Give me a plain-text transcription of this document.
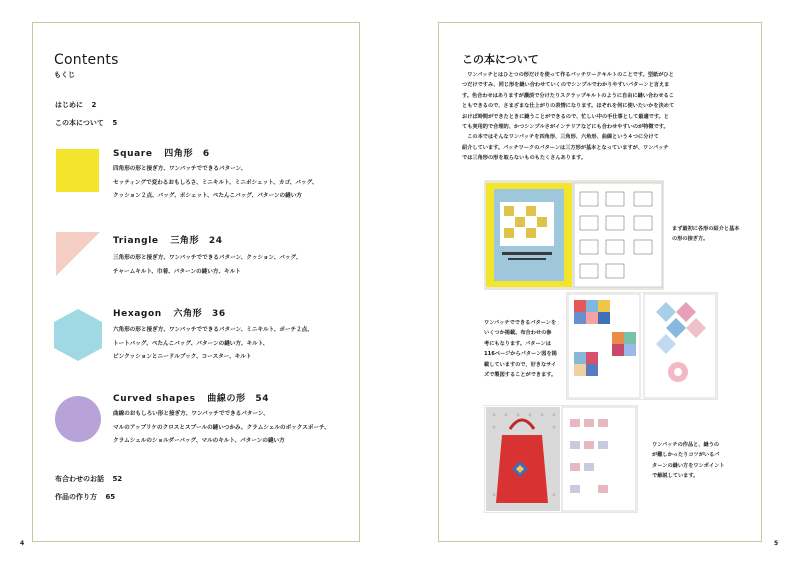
Contents
もくじ
はじめに 2
この本について 5
Square 四角形 6
四角形の形と接ぎ方、ワンパッチでできるパターン、
セッティングで変わるおもしろさ、ミニキルト、ミニポシェット、カゴ、バッグ、
クッション２点、バッグ、ポシェット、ぺたんこバッグ、パターンの縫い方
Triangle 三角形 24
三角形の形と接ぎ方、ワンパッチでできるパターン、クッション、バッグ、
チャームキルト、巾着、パターンの縫い方、キルト
Hexagon 六角形 36
六角形の形と接ぎ方、ワンパッチでできるパターン、ミニキルト、ポーチ２点、
トートバッグ、ぺたんこバッグ、パターンの縫い方、キルト、
ピンクッションとニードルブック、コースター、キルト
Curved shapes 曲線の形 54
曲線のおもしろい形と接ぎ方、ワンパッチでできるパターン、
マルのアップリケのクロスとスプールの縫いつかみ、クラムシェルのボックスポーチ、
クラムシェルのショルダーバッグ、マルのキルト、パターンの縫い方
布合わせのお話 52
作品の作り方 65
4
この本について
　ワンパッチとはひとつの形だけを使って作るパッチワークキルトのことです。型紙がひと
つだけですみ、同じ形を縫い合わせていくのでシンプルでわかりやすいパターンと言えま
す。色合わせはありますが濃淡で分けたりスクラップキルトのように自由に縫い合わせるこ
ともできるので、さまざまな仕上がりの表情になります。ほぞれを何に使いたいかを決めて
おけば時間ができたときに縫うことができるので、忙しい中の手仕事として最適です。と
ても実用的で合理的、かつシンプルさがインテリアなどにも合わせやすいのが特徴です。
　この本ではそんなワンパッチを四角形、三角形、六角形、曲線という４つに分けて
紹介しています。パッチワークのパターンは三方形が基本となっていますが、ワンパッチ
では三角形の形を取らないものもたくさんあります。
まず最初に各形の紹介と基本
の形の接ぎ方。
ワンパッチでできるパターンを
いくつか掲載。布合わせの参
考にもなります。パターンは
116ページからパターン図を掲
載していますので、好きなサイ
ズで製図することができます。
ワンパッチの作品と、縫うの
が難しかったりコツがいるパ
ターンの縫い方をワンポイント
で解説しています。
5
